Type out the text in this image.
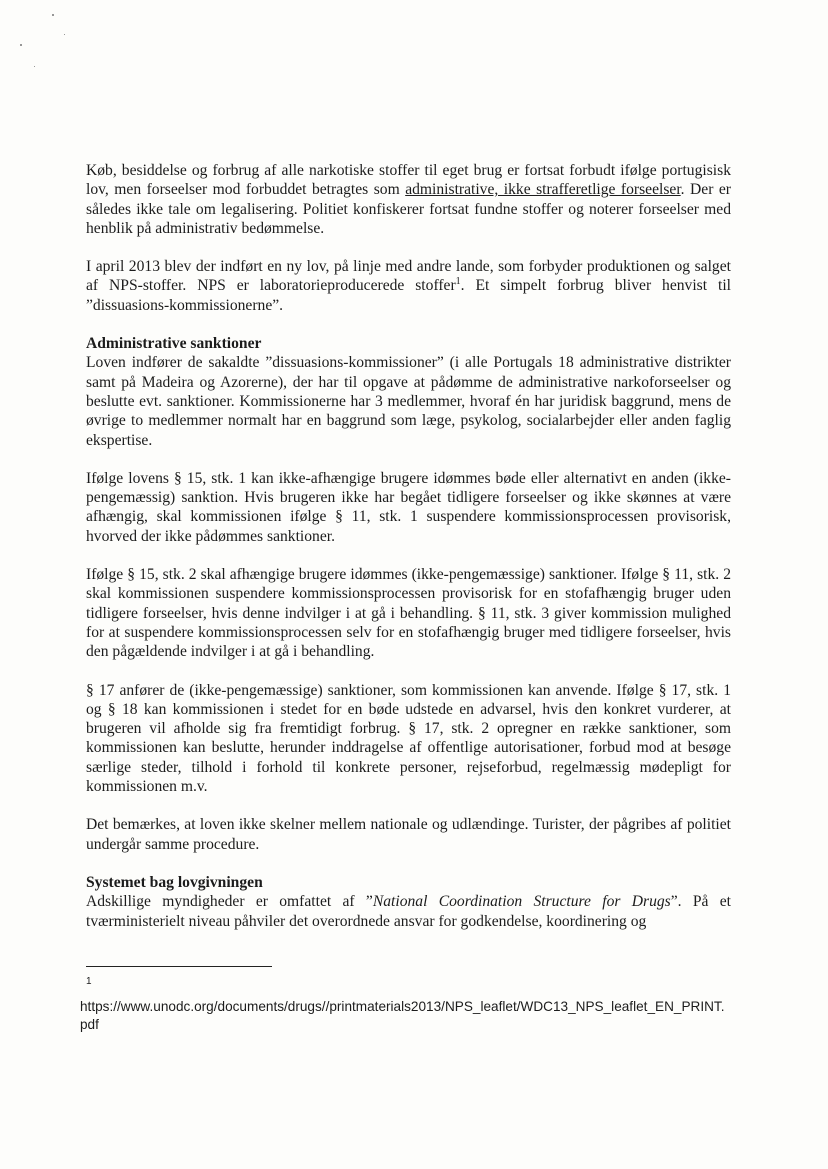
Køb, besiddelse og forbrug af alle narkotiske stoffer til eget brug er fortsat forbudt ifølge portugisisk lov, men forseelser mod forbuddet betragtes som administrative, ikke strafferetlige forseelser. Der er således ikke tale om legalisering. Politiet konfiskerer fortsat fundne stoffer og noterer forseelser med henblik på administrativ bedømmelse.

I april 2013 blev der indført en ny lov, på linje med andre lande, som forbyder produktionen og salget af NPS-stoffer. NPS er laboratorieproducerede stoffer$^1$. Et simpelt forbrug bliver henvist til ”dissuasions-kommissionerne”.

Administrative sanktioner

Loven indfører de sakaldte ”dissuasions-kommissioner” (i alle Portugals 18 administrative distrikter samt på Madeira og Azorerne), der har til opgave at pådømme de administrative narkoforseelser og beslutte evt. sanktioner. Kommissionerne har 3 medlemmer, hvoraf én har juridisk baggrund, mens de øvrige to medlemmer normalt har en baggrund som læge, psykolog, socialarbejder eller anden faglig ekspertise.

Ifølge lovens § 15, stk. 1 kan ikke-afhængige brugere idømmes bøde eller alternativt en anden (ikke-pengemæssig) sanktion. Hvis brugeren ikke har begået tidligere forseelser og ikke skønnes at være afhængig, skal kommissionen ifølge § 11, stk. 1 suspendere kommissionsprocessen provisorisk, hvorved der ikke pådømmes sanktioner.

Ifølge § 15, stk. 2 skal afhængige brugere idømmes (ikke-pengemæssige) sanktioner. Ifølge § 11, stk. 2 skal kommissionen suspendere kommissionsprocessen provisorisk for en stofafhængig bruger uden tidligere forseelser, hvis denne indvilger i at gå i behandling. § 11, stk. 3 giver kommission mulighed for at suspendere kommissionsprocessen selv for en stofafhængig bruger med tidligere forseelser, hvis den pågældende indvilger i at gå i behandling.

§ 17 anfører de (ikke-pengemæssige) sanktioner, som kommissionen kan anvende. Ifølge § 17, stk. 1 og § 18 kan kommissionen i stedet for en bøde udstede en advarsel, hvis den konkret vurderer, at brugeren vil afholde sig fra fremtidigt forbrug. § 17, stk. 2 opregner en række sanktioner, som kommissionen kan beslutte, herunder inddragelse af offentlige autorisationer, forbud mod at besøge særlige steder, tilhold i forhold til konkrete personer, rejseforbud, regelmæssig mødepligt for kommissionen m.v.

Det bemærkes, at loven ikke skelner mellem nationale og udlændinge. Turister, der pågribes af politiet undergår samme procedure.

Systemet bag lovgivningen

Adskillige myndigheder er omfattet af ”National Coordination Structure for Drugs”. På et tværministerielt niveau påhviler det overordnede ansvar for godkendelse, koordinering og

1
https://www.unodc.org/documents/drugs//printmaterials2013/NPS_leaflet/WDC13_NPS_leaflet_EN_PRINT.pdf
